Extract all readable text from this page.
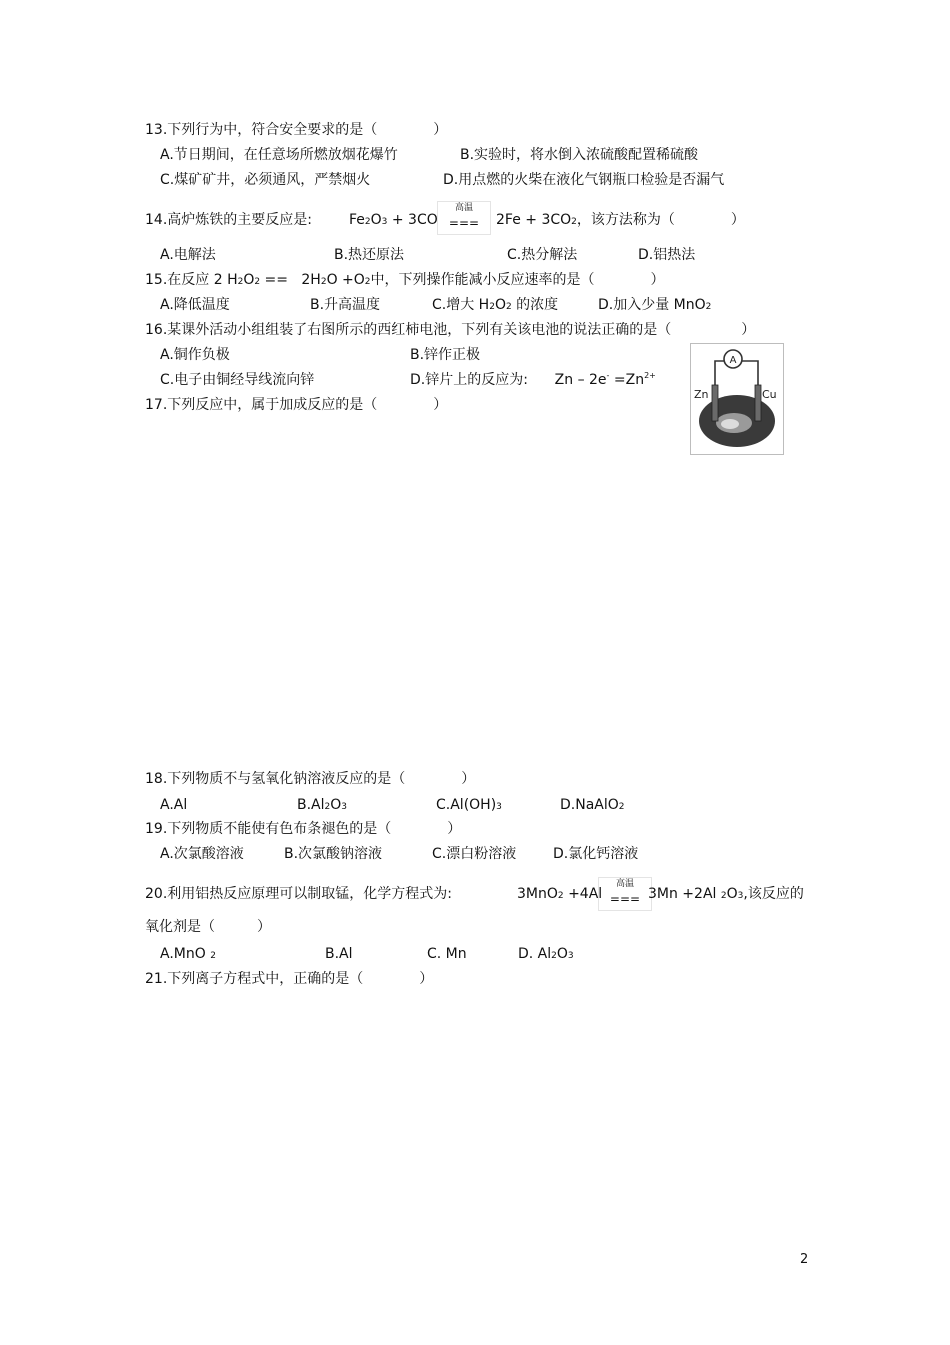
13.下列行为中，符合安全要求的是（　　　　）
A.节日期间，在任意场所燃放烟花爆竹	B.实验时，将水倒入浓硫酸配置稀硫酸
C.煤矿矿井，必须通风，严禁烟火	D.用点燃的火柴在液化气钢瓶口检验是否漏气
14.高炉炼铁的主要反应是:	Fe2O3 + 3CO
高温
===	2Fe + 3CO2，该方法称为（　　　　）
A.电解法	B.热还原法	C.热分解法	D.铝热法
15.在反应 2 H2O2 == 2H2O +O2中，下列操作能减小反应速率的是（　　　　）
A.降低温度	B.升高温度	C.增大 H2O2 的浓度	D.加入少量 MnO2
16.某课外活动小组组装了右图所示的西红柿电池，下列有关该电池的说法正确的是（　　　　　）
A.铜作负极	B.锌作正极
C.电子由铜经导线流向锌	D.锌片上的反应为: $Zn - 2e^- =Zn^{2+}$
A
Zn	Cu
17.下列反应中，属于加成反应的是（　　　　）
18.下列物质不与氢氧化钠溶液反应的是（　　　　）
A.Al	B.Al2O3	C.Al(OH)3	D.NaAlO2
19.下列物质不能使有色布条褪色的是（　　　　）
A.次氯酸溶液	B.次氯酸钠溶液	C.漂白粉溶液	D.氯化钙溶液
20.利用铝热反应原理可以制取锰，化学方程式为:	3MnO2 +4Al
高温
=== 3Mn +2Al 2O3,该反应的
氧化剂是（　　　）
A.MnO 2	B.Al	C. Mn	D. Al2O3
21.下列离子方程式中，正确的是（　　　　）
2
